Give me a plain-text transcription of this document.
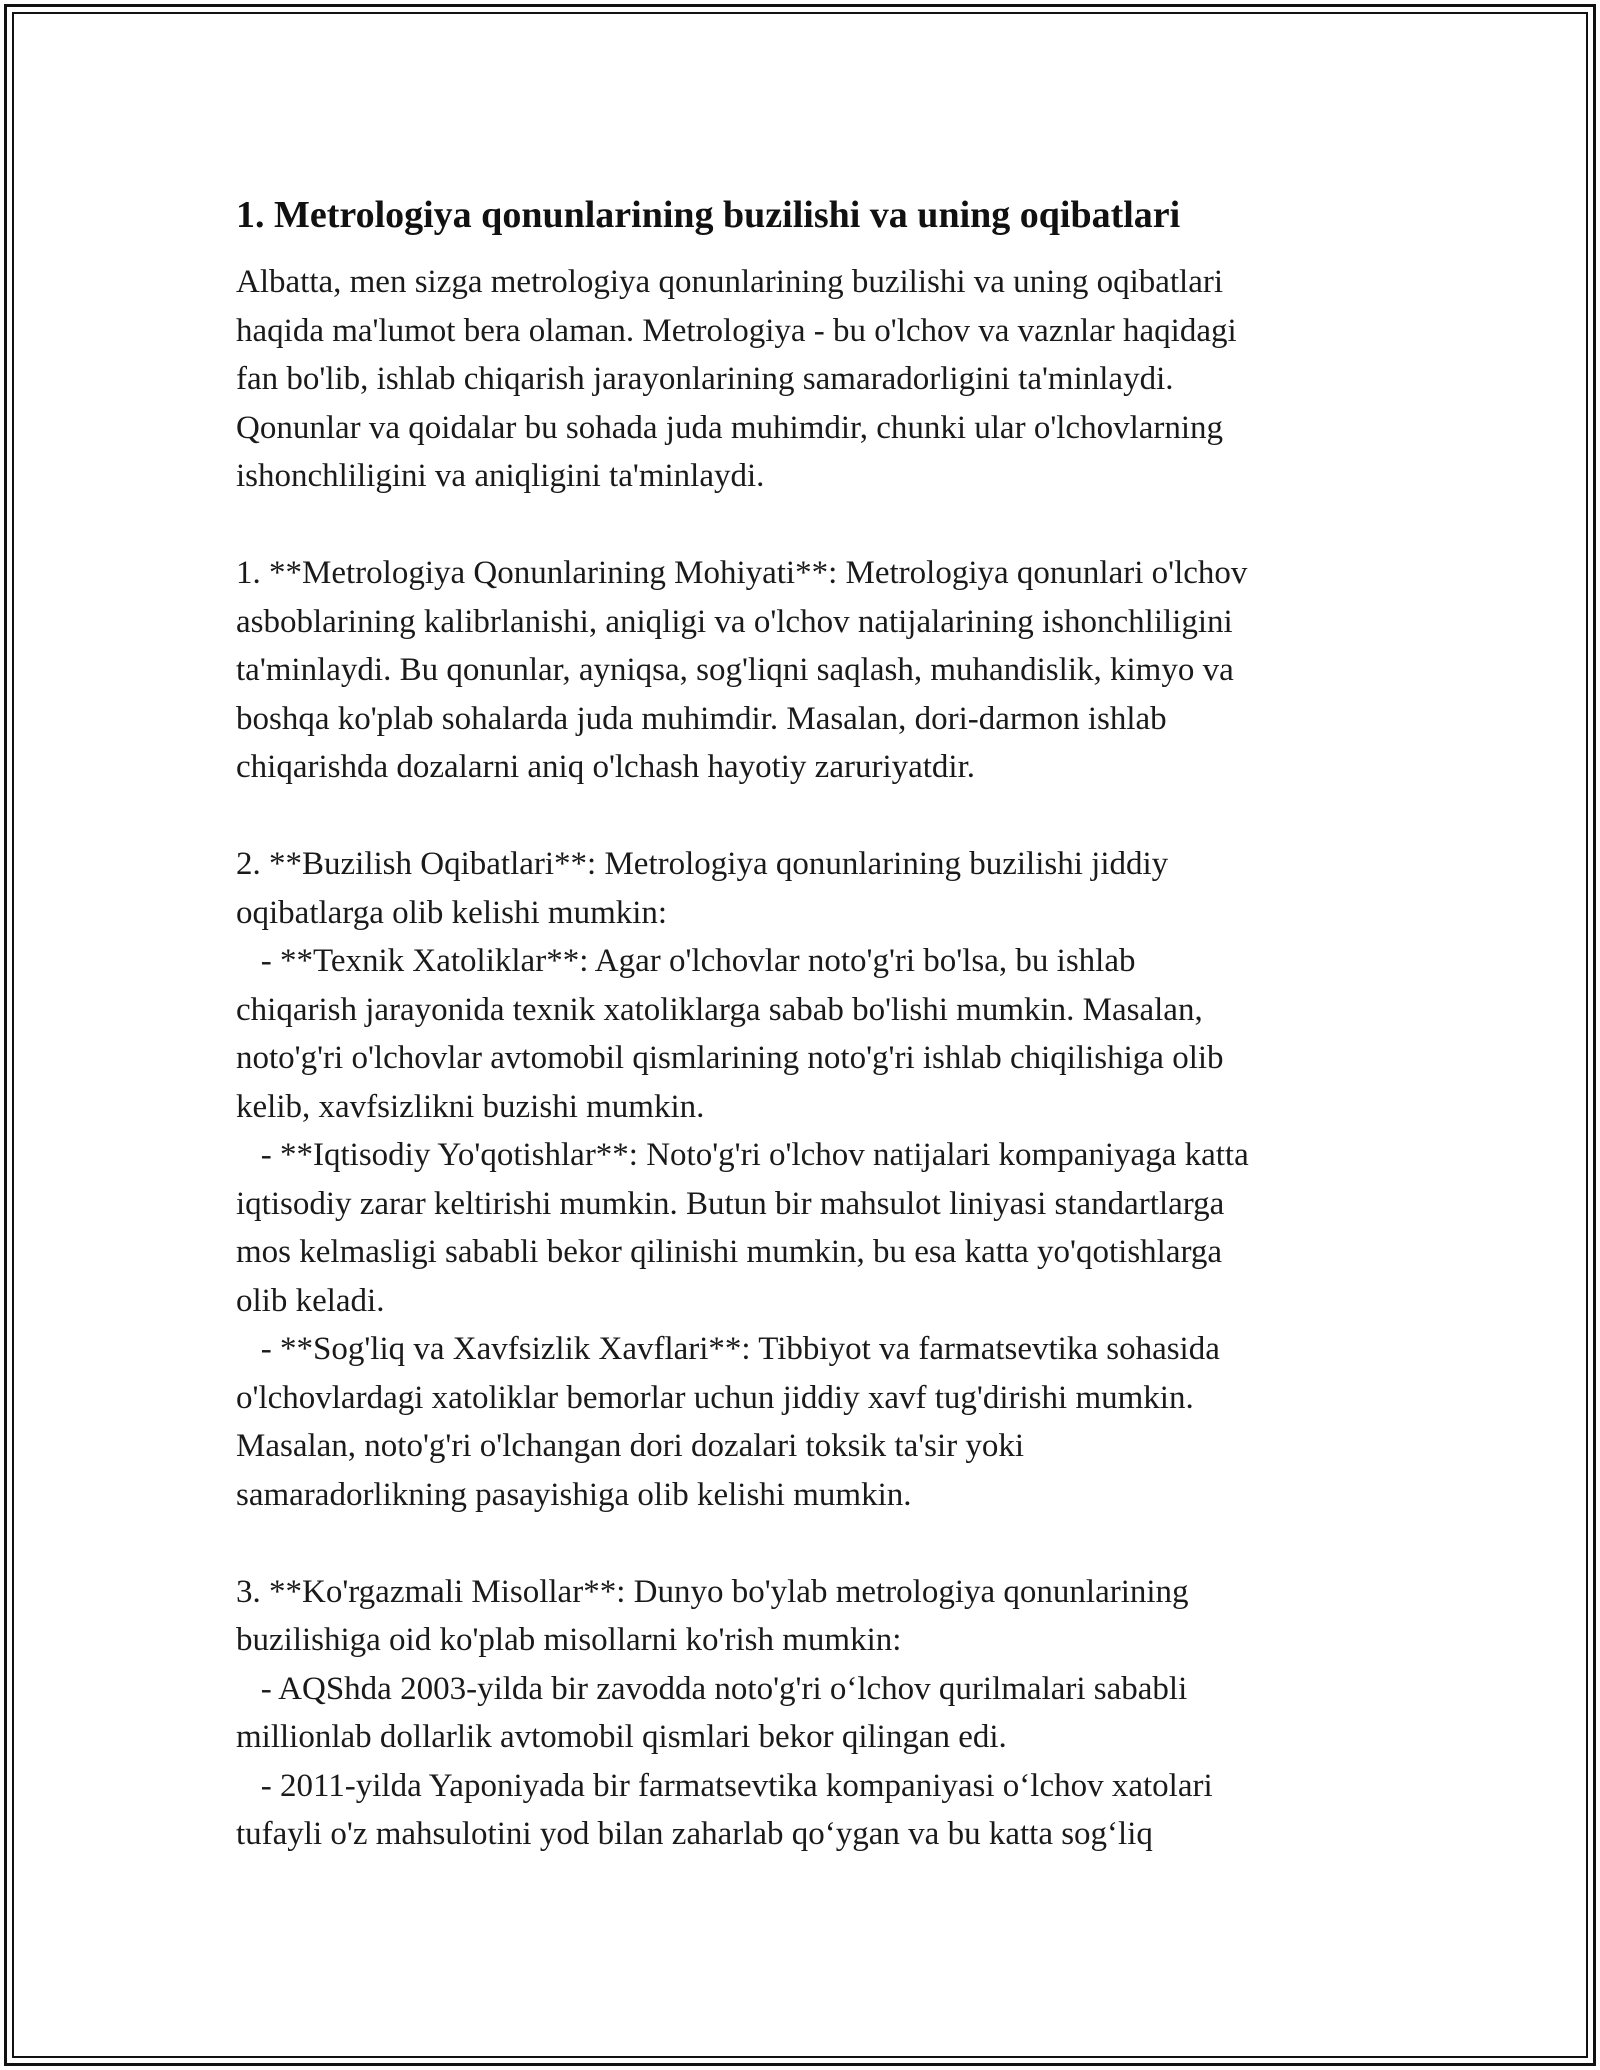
1. Metrologiya qonunlarining buzilishi va uning oqibatlari

Albatta, men sizga metrologiya qonunlarining buzilishi va uning oqibatlari
haqida ma'lumot bera olaman. Metrologiya - bu o'lchov va vaznlar haqidagi
fan bo'lib, ishlab chiqarish jarayonlarining samaradorligini ta'minlaydi.
Qonunlar va qoidalar bu sohada juda muhimdir, chunki ular o'lchovlarning
ishonchliligini va aniqligini ta'minlaydi.

1. **Metrologiya Qonunlarining Mohiyati**: Metrologiya qonunlari o'lchov
asboblarining kalibrlanishi, aniqligi va o'lchov natijalarining ishonchliligini
ta'minlaydi. Bu qonunlar, ayniqsa, sog'liqni saqlash, muhandislik, kimyo va
boshqa ko'plab sohalarda juda muhimdir. Masalan, dori-darmon ishlab
chiqarishda dozalarni aniq o'lchash hayotiy zaruriyatdir.

2. **Buzilish Oqibatlari**: Metrologiya qonunlarining buzilishi jiddiy
oqibatlarga olib kelishi mumkin:
- **Texnik Xatoliklar**: Agar o'lchovlar noto'g'ri bo'lsa, bu ishlab
chiqarish jarayonida texnik xatoliklarga sabab bo'lishi mumkin. Masalan,
noto'g'ri o'lchovlar avtomobil qismlarining noto'g'ri ishlab chiqilishiga olib
kelib, xavfsizlikni buzishi mumkin.
- **Iqtisodiy Yo'qotishlar**: Noto'g'ri o'lchov natijalari kompaniyaga katta
iqtisodiy zarar keltirishi mumkin. Butun bir mahsulot liniyasi standartlarga
mos kelmasligi sababli bekor qilinishi mumkin, bu esa katta yo'qotishlarga
olib keladi.
- **Sog'liq va Xavfsizlik Xavflari**: Tibbiyot va farmatsevtika sohasida
o'lchovlardagi xatoliklar bemorlar uchun jiddiy xavf tug'dirishi mumkin.
Masalan, noto'g'ri o'lchangan dori dozalari toksik ta'sir yoki
samaradorlikning pasayishiga olib kelishi mumkin.

3. **Ko'rgazmali Misollar**: Dunyo bo'ylab metrologiya qonunlarining
buzilishiga oid ko'plab misollarni ko'rish mumkin:
- AQShda 2003-yilda bir zavodda noto'g'ri o‘lchov qurilmalari sababli
millionlab dollarlik avtomobil qismlari bekor qilingan edi.
- 2011-yilda Yaponiyada bir farmatsevtika kompaniyasi o‘lchov xatolari
tufayli o'z mahsulotini yod bilan zaharlab qo‘ygan va bu katta sog‘liq
